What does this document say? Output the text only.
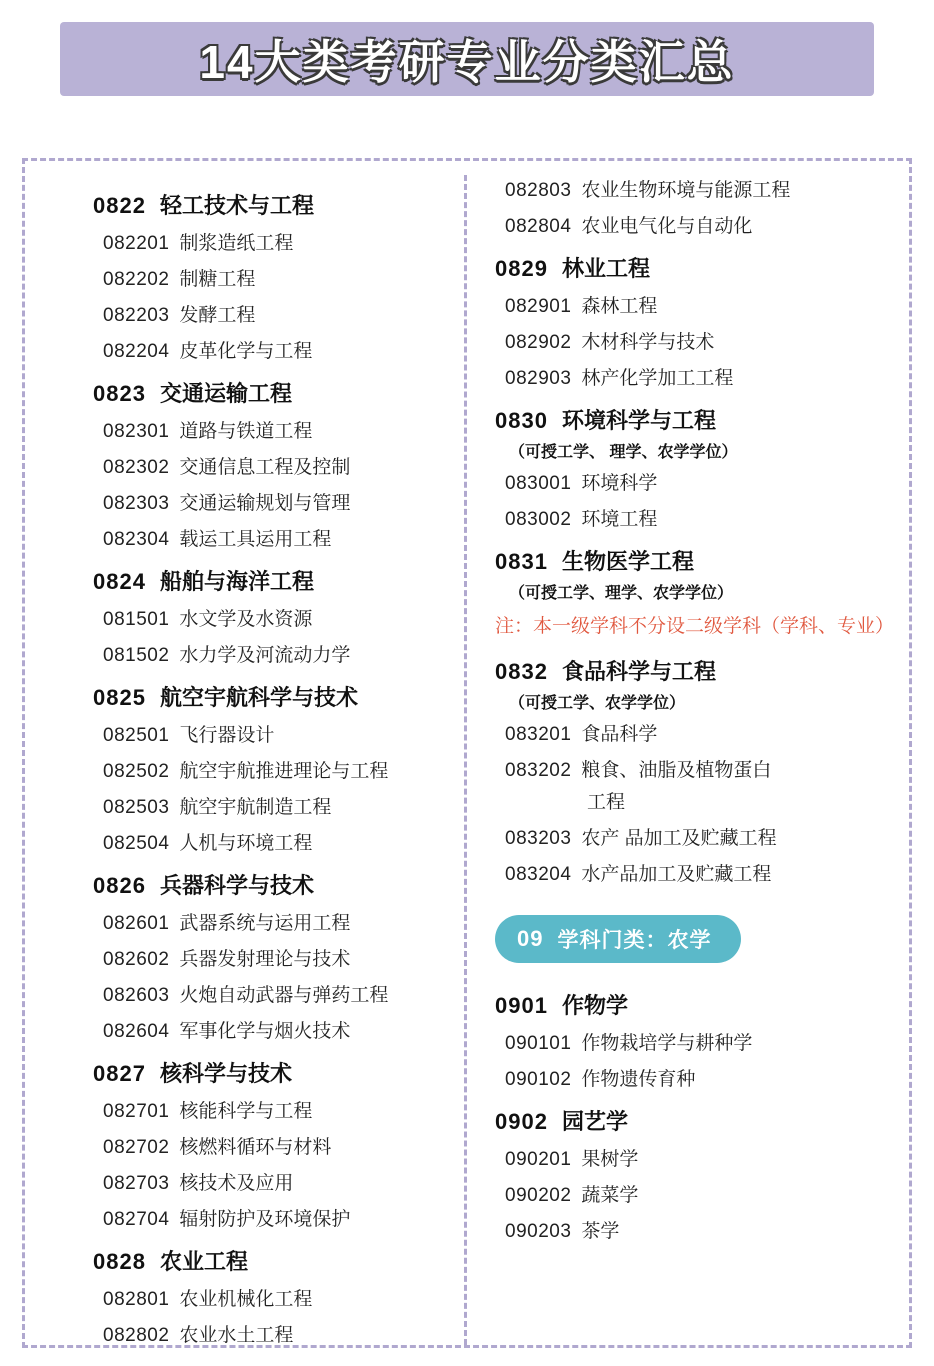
14大类考研专业分类汇总
0822 轻工技术与工程
082201 制浆造纸工程
082202 制糖工程
082203 发酵工程
082204 皮革化学与工程
0823 交通运输工程
082301 道路与铁道工程
082302 交通信息工程及控制
082303 交通运输规划与管理
082304 载运工具运用工程
0824 船舶与海洋工程
081501 水文学及水资源
081502 水力学及河流动力学
0825 航空宇航科学与技术
082501 飞行器设计
082502 航空宇航推进理论与工程
082503 航空宇航制造工程
082504 人机与环境工程
0826 兵器科学与技术
082601 武器系统与运用工程
082602 兵器发射理论与技术
082603 火炮自动武器与弹药工程
082604 军事化学与烟火技术
0827 核科学与技术
082701 核能科学与工程
082702 核燃料循环与材料
082703 核技术及应用
082704 辐射防护及环境保护
0828 农业工程
082801 农业机械化工程
082802 农业水土工程
082803 农业生物环境与能源工程
082804 农业电气化与自动化
0829 林业工程
082901 森林工程
082902 木材科学与技术
082903 林产化学加工工程
0830 环境科学与工程
（可授工学、 理学、农学学位）
083001 环境科学
083002 环境工程
0831 生物医学工程
（可授工学、理学、农学学位）
注：本一级学科不分设二级学科（学科、专业）
0832 食品科学与工程
（可授工学、农学学位）
083201 食品科学
083202 粮食、油脂及植物蛋白
工程
083203 农产 品加工及贮藏工程
083204 水产品加工及贮藏工程
09 学科门类：农学
0901 作物学
090101 作物栽培学与耕种学
090102 作物遗传育种
0902 园艺学
090201 果树学
090202 蔬菜学
090203 茶学
